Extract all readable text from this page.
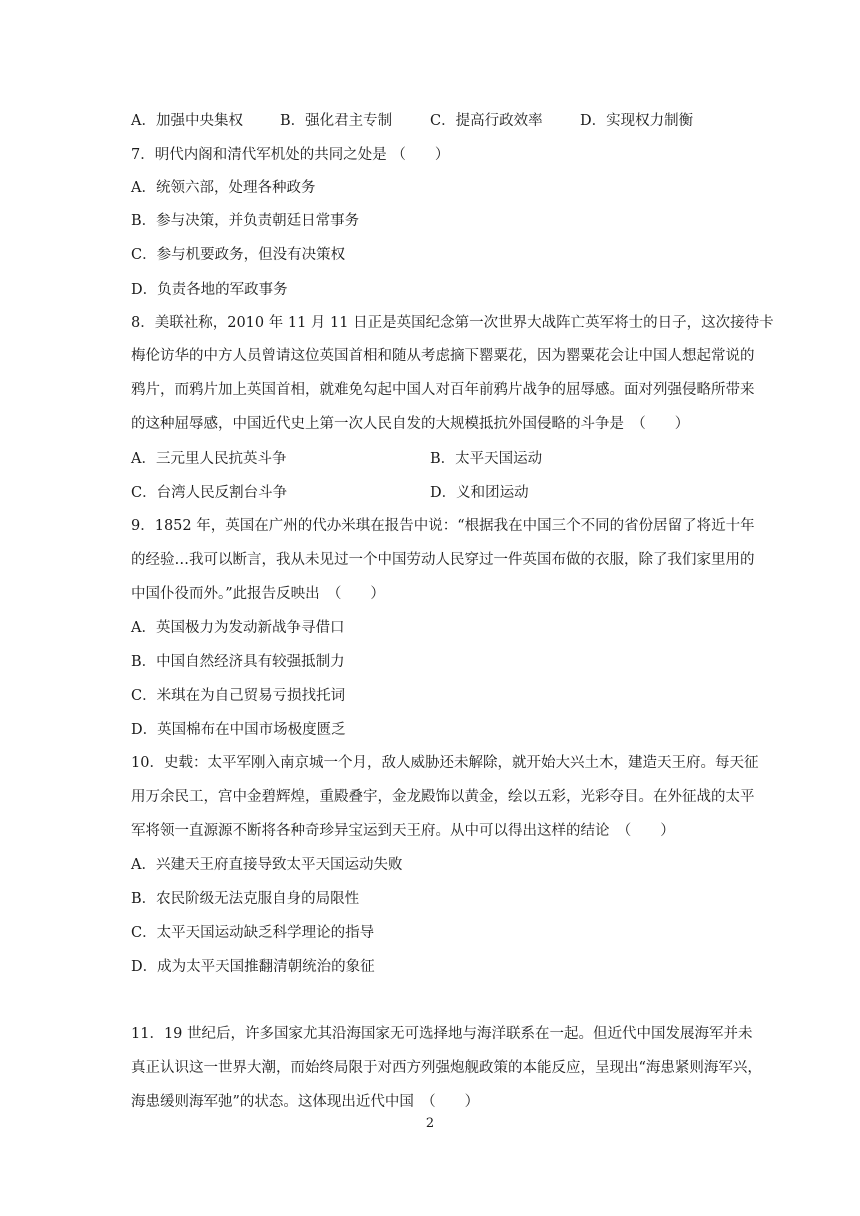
A．加强中央集权	B．强化君主专制	C．提高行政效率	D．实现权力制衡
7．明代内阁和清代军机处的共同之处是 （　　）
A．统领六部，处理各种政务
B．参与决策，并负责朝廷日常事务
C．参与机要政务，但没有决策权
D．负责各地的军政事务
8．美联社称，2010 年 11 月 11 日正是英国纪念第一次世界大战阵亡英军将士的日子，这次接待卡
梅伦访华的中方人员曾请这位英国首相和随从考虑摘下罂粟花，因为罂粟花会让中国人想起常说的
鸦片，而鸦片加上英国首相，就难免勾起中国人对百年前鸦片战争的屈辱感。面对列强侵略所带来
的这种屈辱感，中国近代史上第一次人民自发的大规模抵抗外国侵略的斗争是　（　　）
A．三元里人民抗英斗争	B．太平天国运动
C．台湾人民反割台斗争	D．义和团运动
9．1852 年，英国在广州的代办米琪在报告中说：“根据我在中国三个不同的省份居留了将近十年
的经验…我可以断言，我从未见过一个中国劳动人民穿过一件英国布做的衣服，除了我们家里用的
中国仆役而外。”此报告反映出　（　　）
A．英国极力为发动新战争寻借口
B．中国自然经济具有较强抵制力
C．米琪在为自己贸易亏损找托词
D．英国棉布在中国市场极度匮乏
10．史载：太平军刚入南京城一个月，敌人威胁还未解除，就开始大兴土木，建造天王府。每天征
用万余民工，宫中金碧辉煌，重殿叠宇，金龙殿饰以黄金，绘以五彩，光彩夺目。在外征战的太平
军将领一直源源不断将各种奇珍异宝运到天王府。从中可以得出这样的结论　（　　）
A．兴建天王府直接导致太平天国运动失败
B．农民阶级无法克服自身的局限性
C．太平天国运动缺乏科学理论的指导
D．成为太平天国推翻清朝统治的象征
11．19 世纪后，许多国家尤其沿海国家无可选择地与海洋联系在一起。但近代中国发展海军并未
真正认识这一世界大潮，而始终局限于对西方列强炮舰政策的本能反应，呈现出“海患紧则海军兴，
海患缓则海军弛”的状态。这体现出近代中国　（　　）
2
